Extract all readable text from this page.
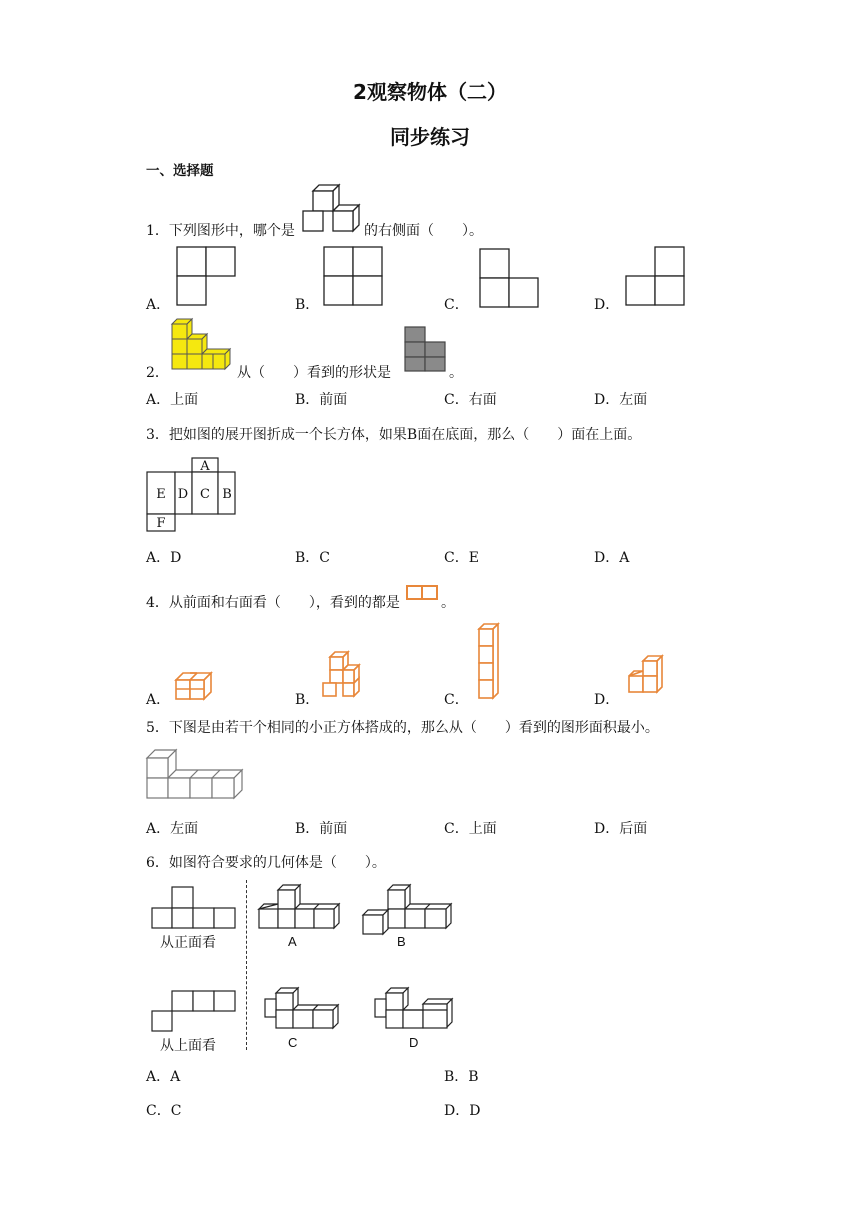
2观察物体（二）
同步练习
一、选择题
1．下列图形中，哪个是	的右侧面（　　）。
A．	B．	C．	D．
2．	从（　　）看到的形状是	。
A．上面	B．前面	C．右面	D．左面
3．把如图的展开图折成一个长方体，如果B面在底面，那么（　　）面在上面。
A
E D C B
F
A．D	B．C	C．E	D．A
4．从前面和右面看（　　），看到的都是	。
A．	B．	C．	D．
5．下图是由若干个相同的小正方体搭成的，那么从（　　）看到的图形面积最小。
A．左面	B．前面	C．上面	D．后面
6．如图符合要求的几何体是（　　）。
从正面看
从上面看
A	B
C	D
A．A	B．B
C．C	D．D
